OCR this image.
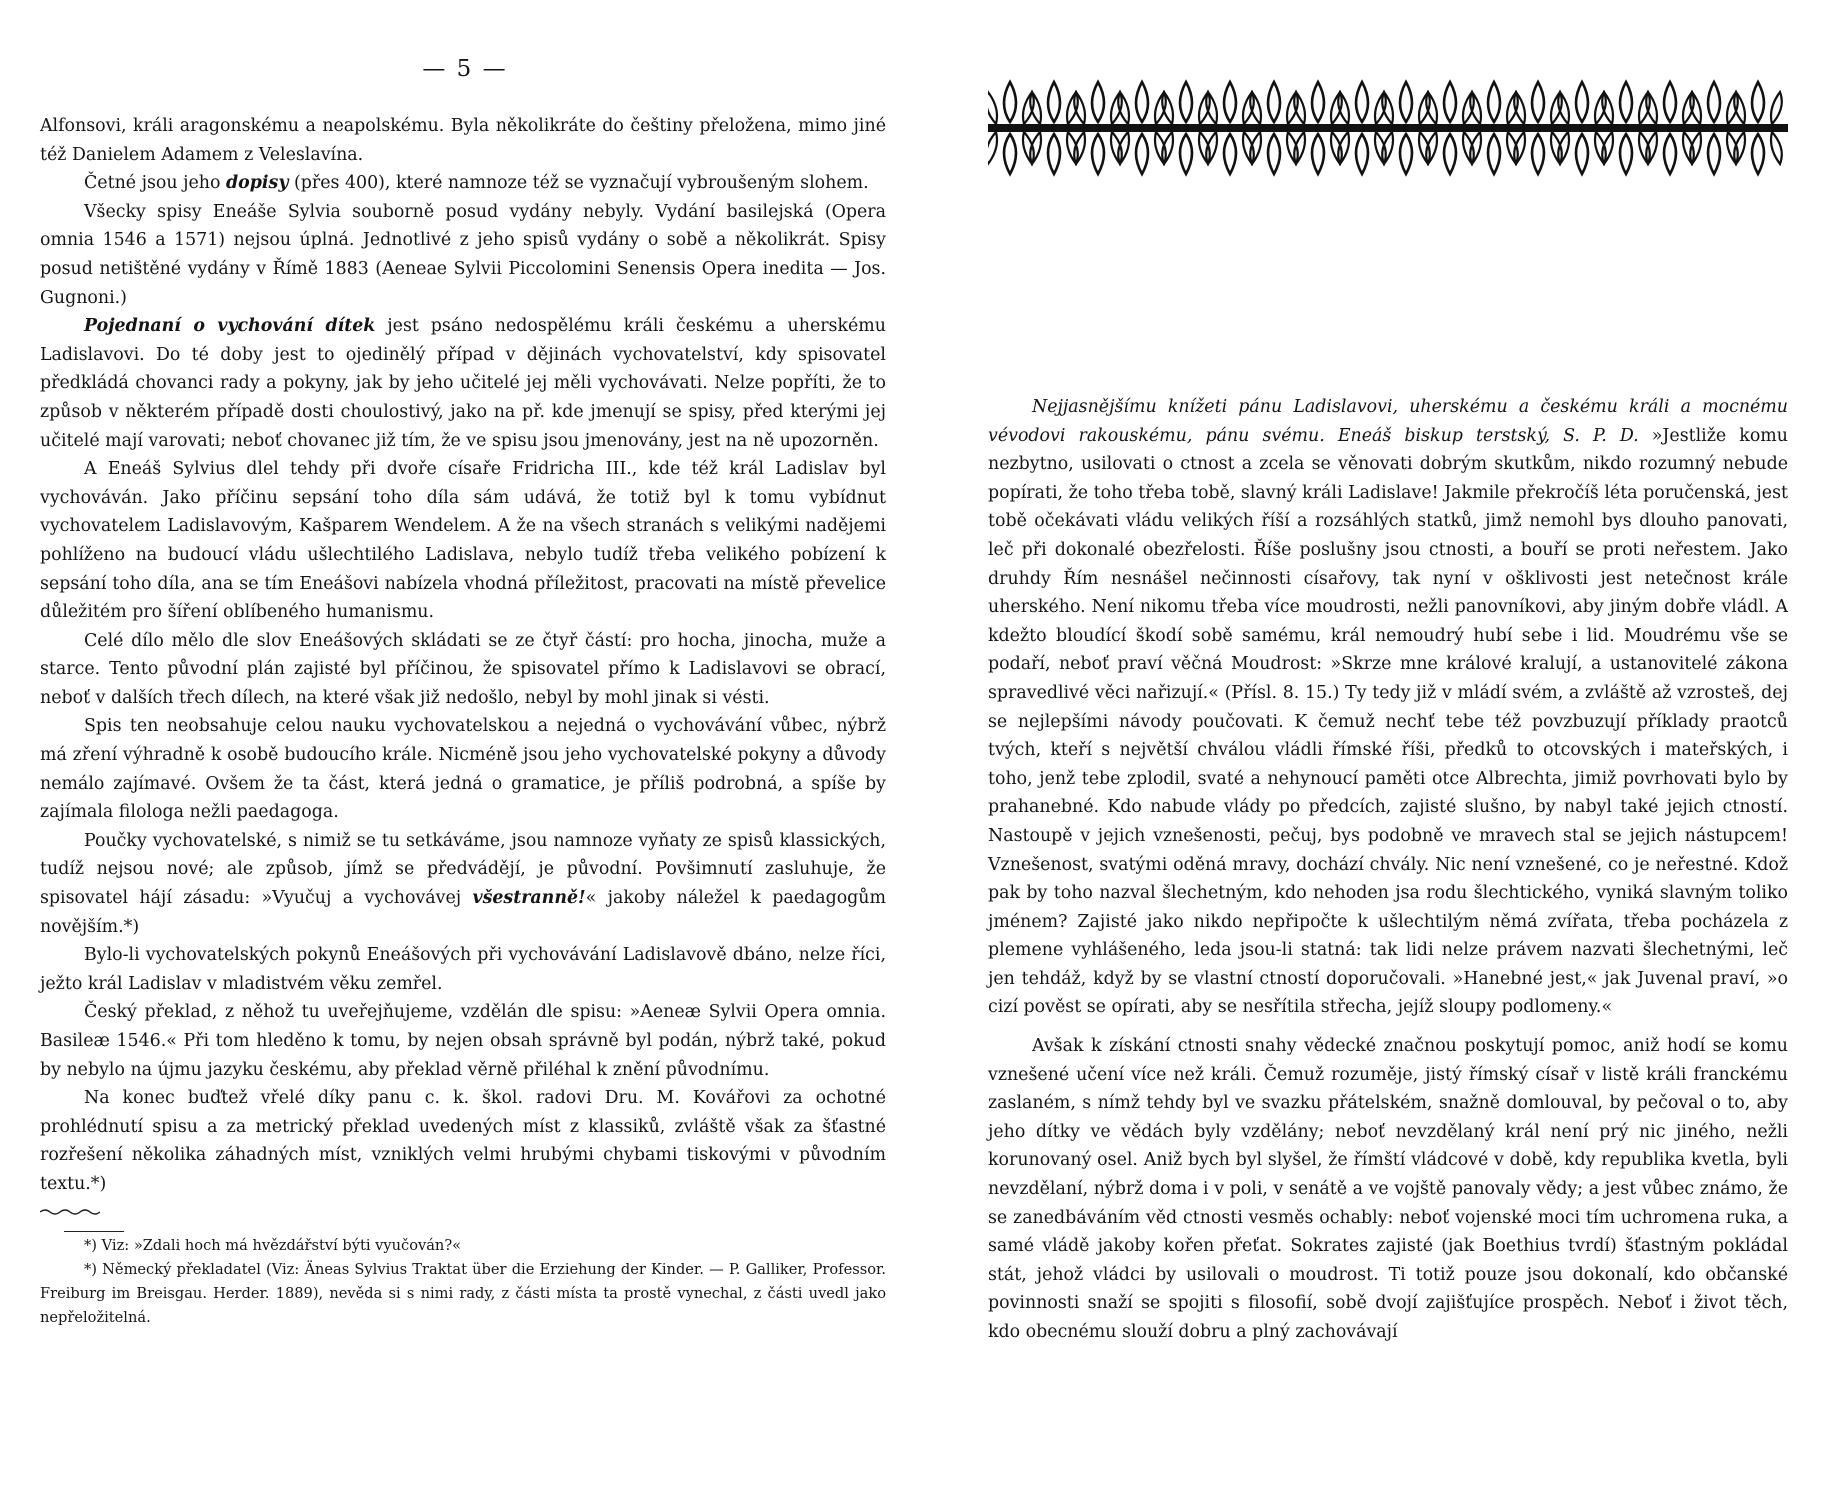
— 5 —

Alfonsovi, králi aragonskému a neapolskému. Byla několikráte do češtiny přeložena, mimo jiné též Danielem Adamem z Veleslavína.

Četné jsou jeho dopisy (přes 400), které namnoze též se vyznačují vybroušeným slohem.

Všecky spisy Eneáše Sylvia souborně posud vydány nebyly. Vydání basilejská (Opera omnia 1546 a 1571) nejsou úplná. Jednotlivé z jeho spisů vydány o sobě a několikrát. Spisy posud netištěné vydány v Římě 1883 (Aeneae Sylvii Piccolomini Senensis Opera inedita — Jos. Gugnoni.)

Pojednaní o vychování dítek jest psáno nedospělému králi českému a uherskému Ladislavovi. Do té doby jest to ojedinělý případ v dějinách vychovatelství, kdy spisovatel předkládá chovanci rady a pokyny, jak by jeho učitelé jej měli vychovávati. Nelze popříti, že to způsob v některém případě dosti choulostivý, jako na př. kde jmenují se spisy, před kterými jej učitelé mají varovati; neboť chovanec již tím, že ve spisu jsou jmenovány, jest na ně upozorněn.

A Eneáš Sylvius dlel tehdy při dvoře císaře Fridricha III., kde též král Ladislav byl vychováván. Jako příčinu sepsání toho díla sám udává, že totiž byl k tomu vybídnut vychovatelem Ladislavovým, Kašparem Wendelem. A že na všech stranách s velikými nadějemi pohlíženo na budoucí vládu ušlechtilého Ladislava, nebylo tudíž třeba velikého pobízení k sepsání toho díla, ana se tím Eneášovi nabízela vhodná příležitost, pracovati na místě převelice důležitém pro šíření oblíbeného humanismu.

Celé dílo mělo dle slov Eneášových skládati se ze čtyř částí: pro hocha, jinocha, muže a starce. Tento původní plán zajisté byl příčinou, že spisovatel přímo k Ladislavovi se obrací, neboť v dalších třech dílech, na které však již nedošlo, nebyl by mohl jinak si vésti.

Spis ten neobsahuje celou nauku vychovatelskou a nejedná o vychovávání vůbec, nýbrž má zření výhradně k osobě budoucího krále. Nicméně jsou jeho vychovatelské pokyny a důvody nemálo zajímavé. Ovšem že ta část, která jedná o gramatice, je příliš podrobná, a spíše by zajímala filologa nežli paedagoga.

Poučky vychovatelské, s nimiž se tu setkáváme, jsou namnoze vyňaty ze spisů klassických, tudíž nejsou nové; ale způsob, jímž se předvádějí, je původní. Povšimnutí zasluhuje, že spisovatel hájí zásadu: »Vyučuj a vychovávej všestranně!« jakoby náležel k paedagogům novějším.*)

Bylo-li vychovatelských pokynů Eneášových při vychovávání Ladislavově dbáno, nelze říci, ježto král Ladislav v mladistvém věku zemřel.

Český překlad, z něhož tu uveřejňujeme, vzdělán dle spisu: »Aeneæ Sylvii Opera omnia. Basileæ 1546.« Při tom hleděno k tomu, by nejen obsah správně byl podán, nýbrž také, pokud by nebylo na újmu jazyku českému, aby překlad věrně přiléhal k znění původnímu.

Na konec buďtež vřelé díky panu c. k. škol. radovi Dru. M. Kovářovi za ochotné prohlédnutí spisu a za metrický překlad uvedených míst z klassiků, zvláště však za šťastné rozřešení několika záhadných míst, vzniklých velmi hrubými chybami tiskovými v původním textu.*)

*) Viz: »Zdali hoch má hvězdářství býti vyučován?«

*) Německý překladatel (Viz: Äneas Sylvius Traktat über die Erziehung der Kinder. — P. Galliker, Professor. Freiburg im Breisgau. Herder. 1889), nevěda si s nimi rady, z části místa ta prostě vynechal, z části uvedl jako nepřeložitelná.

Nejjasnějšímu knížeti pánu Ladislavovi, uherskému a českému králi a mocnému vévodovi rakouskému, pánu svému. Eneáš biskup terstský, S. P. D. »Jestliže komu nezbytno, usilovati o ctnost a zcela se věnovati dobrým skutkům, nikdo rozumný nebude popírati, že toho třeba tobě, slavný králi Ladislave! Jakmile překročíš léta poručenská, jest tobě očekávati vládu velikých říší a rozsáhlých statků, jimž nemohl bys dlouho panovati, leč při dokonalé obezřelosti. Říše poslušny jsou ctnosti, a bouří se proti neřestem. Jako druhdy Řím nesnášel nečinnosti císařovy, tak nyní v ošklivosti jest netečnost krále uherského. Není nikomu třeba více moudrosti, nežli panovníkovi, aby jiným dobře vládl. A kdežto bloudící škodí sobě samému, král nemoudrý hubí sebe i lid. Moudrému vše se podaří, neboť praví věčná Moudrost: »Skrze mne králové kralují, a ustanovitelé zákona spravedlivé věci nařizují.« (Přísl. 8. 15.) Ty tedy již v mládí svém, a zvláště až vzrosteš, dej se nejlepšími návody poučovati. K čemuž nechť tebe též povzbuzují příklady praotců tvých, kteří s největší chválou vládli římské říši, předků to otcovských i mateřských, i toho, jenž tebe zplodil, svaté a nehynoucí paměti otce Albrechta, jimiž povrhovati bylo by prahanebné. Kdo nabude vlády po předcích, zajisté slušno, by nabyl také jejich ctností. Nastoupě v jejich vznešenosti, pečuj, bys podobně ve mravech stal se jejich nástupcem! Vznešenost, svatými oděná mravy, dochází chvály. Nic není vznešené, co je neřestné. Kdož pak by toho nazval šlechetným, kdo nehoden jsa rodu šlechtického, vyniká slavným toliko jménem? Zajisté jako nikdo nepřipočte k ušlechtilým němá zvířata, třeba pocházela z plemene vyhlášeného, leda jsou-li statná: tak lidi nelze právem nazvati šlechetnými, leč jen tehdáž, když by se vlastní ctností doporučovali. »Hanebné jest,« jak Juvenal praví, »o cizí pověst se opírati, aby se nesřítila střecha, jejíž sloupy podlomeny.«

Avšak k získání ctnosti snahy vědecké značnou poskytují pomoc, aniž hodí se komu vznešené učení více než králi. Čemuž rozuměje, jistý římský císař v listě králi franckému zaslaném, s nímž tehdy byl ve svazku přátelském, snažně domlouval, by pečoval o to, aby jeho dítky ve vědách byly vzdělány; neboť nevzdělaný král není prý nic jiného, nežli korunovaný osel. Aniž bych byl slyšel, že římští vládcové v době, kdy republika kvetla, byli nevzdělaní, nýbrž doma i v poli, v senátě a ve vojště panovaly vědy; a jest vůbec známo, že se zanedbáváním věd ctnosti vesměs ochably: neboť vojenské moci tím uchromena ruka, a samé vládě jakoby kořen přeťat. Sokrates zajisté (jak Boethius tvrdí) šťastným pokládal stát, jehož vládci by usilovali o moudrost. Ti totiž pouze jsou dokonalí, kdo občanské povinnosti snaží se spojiti s filosofií, sobě dvojí zajišťujíce prospěch. Neboť i život těch, kdo obecnému slouží dobru a plný zachovávají
